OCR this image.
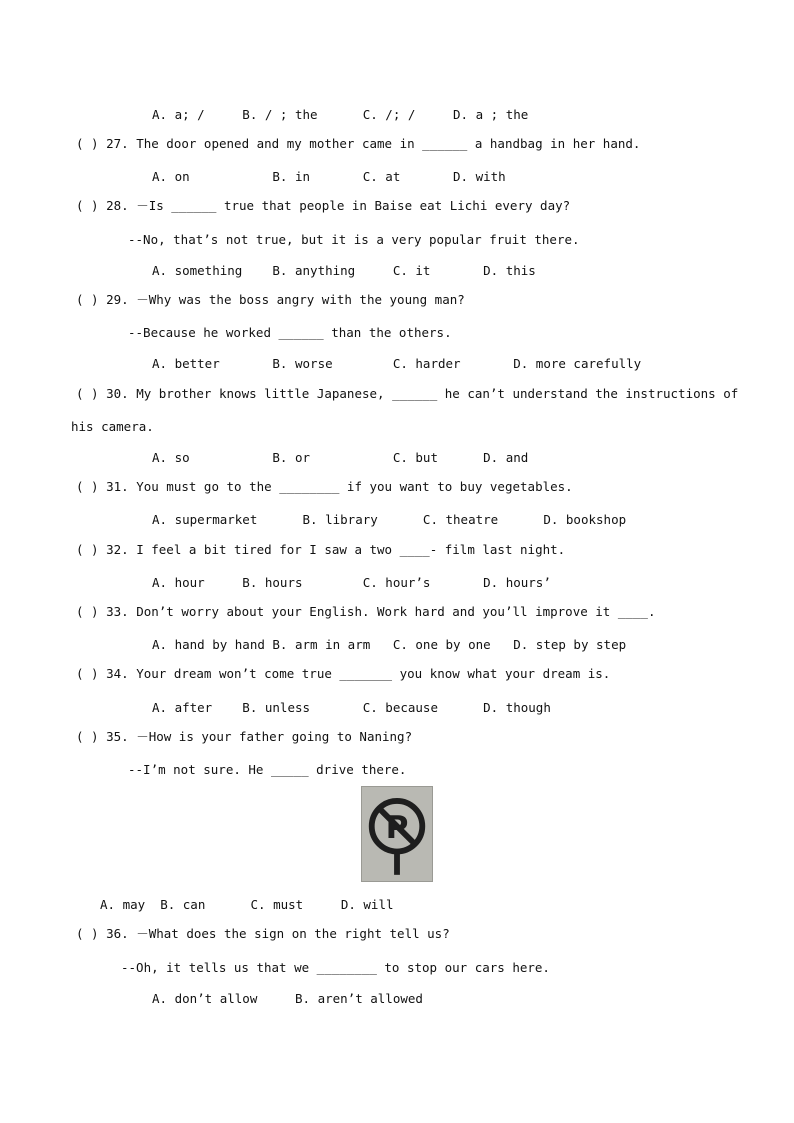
A. a; /     B. / ; the      C. /; /     D. a ; the
( ) 27. The door opened and my mother came in ______ a handbag in her hand.
A. on           B. in       C. at       D. with
( ) 28. －Is ______ true that people in Baise eat Lichi every day?
--No, that’s not true, but it is a very popular fruit there.
A. something    B. anything     C. it       D. this
( ) 29. －Why was the boss angry with the young man?
--Because he worked ______ than the others.
A. better       B. worse        C. harder       D. more carefully
( ) 30. My brother knows little Japanese, ______ he can’t understand the instructions of
his camera.
A. so           B. or           C. but      D. and
( ) 31. You must go to the ________ if you want to buy vegetables.
A. supermarket      B. library      C. theatre      D. bookshop
( ) 32. I feel a bit tired for I saw a two ____- film last night.
A. hour     B. hours        C. hour’s       D. hours’
( ) 33. Don’t worry about your English. Work hard and you’ll improve it ____.
A. hand by hand B. arm in arm   C. one by one   D. step by step
( ) 34. Your dream won’t come true _______ you know what your dream is.
A. after    B. unless       C. because      D. though
( ) 35. －How is your father going to Naning?
--I’m not sure. He _____ drive there.
P
A. may  B. can      C. must     D. will
( ) 36. －What does the sign on the right tell us?
--Oh, it tells us that we ________ to stop our cars here.
A. don’t allow     B. aren’t allowed
